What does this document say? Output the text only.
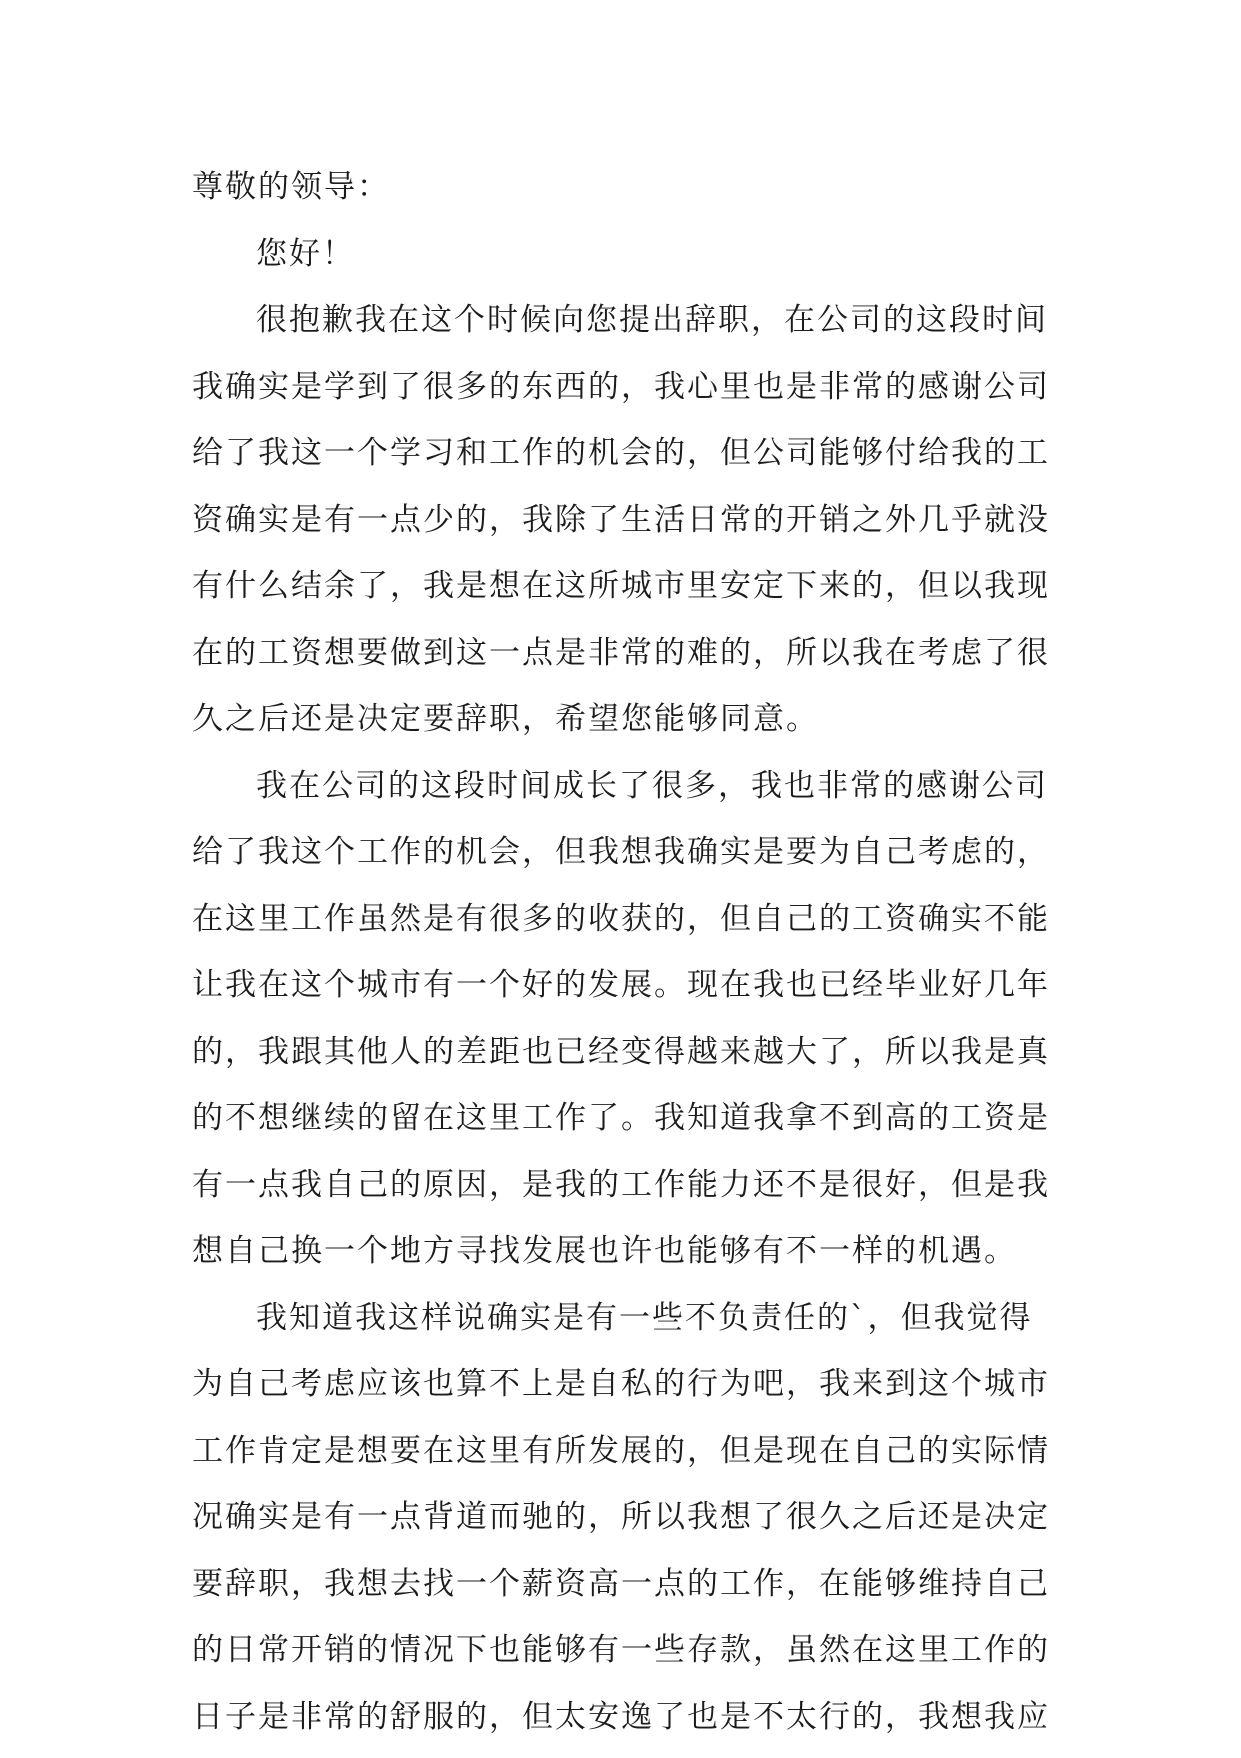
尊敬的领导：
您好！
很抱歉我在这个时候向您提出辞职，在公司的这段时间
我确实是学到了很多的东西的，我心里也是非常的感谢公司
给了我这一个学习和工作的机会的，但公司能够付给我的工
资确实是有一点少的，我除了生活日常的开销之外几乎就没
有什么结余了，我是想在这所城市里安定下来的，但以我现
在的工资想要做到这一点是非常的难的，所以我在考虑了很
久之后还是决定要辞职，希望您能够同意。
我在公司的这段时间成长了很多，我也非常的感谢公司
给了我这个工作的机会，但我想我确实是要为自己考虑的，
在这里工作虽然是有很多的收获的，但自己的工资确实不能
让我在这个城市有一个好的发展。现在我也已经毕业好几年
的，我跟其他人的差距也已经变得越来越大了，所以我是真
的不想继续的留在这里工作了。我知道我拿不到高的工资是
有一点我自己的原因，是我的工作能力还不是很好，但是我
想自己换一个地方寻找发展也许也能够有不一样的机遇。
我知道我这样说确实是有一些不负责任的`，但我觉得
为自己考虑应该也算不上是自私的行为吧，我来到这个城市
工作肯定是想要在这里有所发展的，但是现在自己的实际情
况确实是有一点背道而驰的，所以我想了很久之后还是决定
要辞职，我想去找一个薪资高一点的工作，在能够维持自己
的日常开销的情况下也能够有一些存款，虽然在这里工作的
日子是非常的舒服的，但太安逸了也是不太行的，我想我应
